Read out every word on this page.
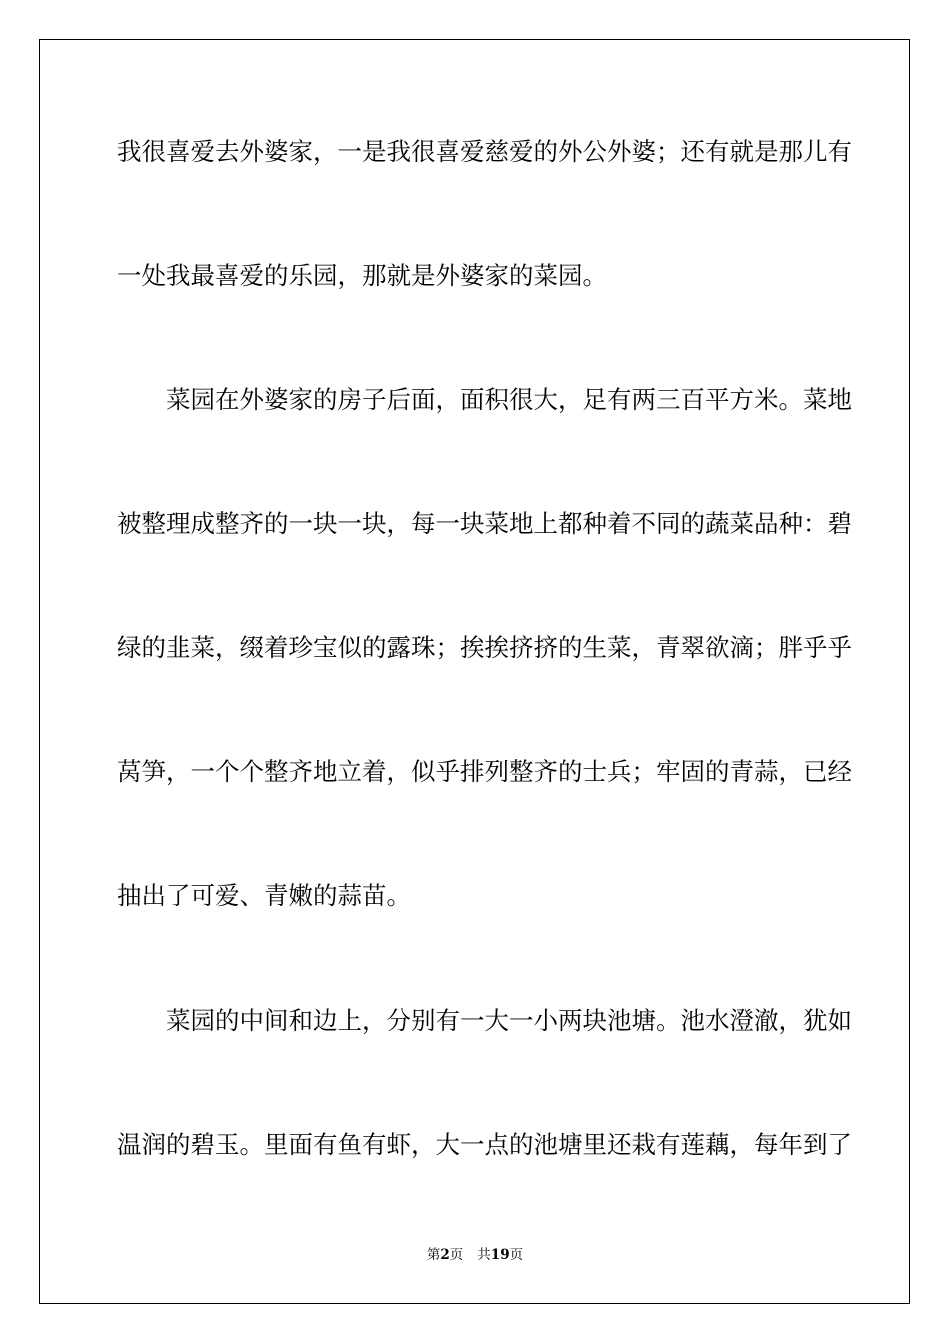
我很喜爱去外婆家，一是我很喜爱慈爱的外公外婆；还有就是那儿有
一处我最喜爱的乐园，那就是外婆家的菜园。
　　菜园在外婆家的房子后面，面积很大，足有两三百平方米。菜地
被整理成整齐的一块一块，每一块菜地上都种着不同的蔬菜品种：碧
绿的韭菜，缀着珍宝似的露珠；挨挨挤挤的生菜，青翠欲滴；胖乎乎
莴笋，一个个整齐地立着，似乎排列整齐的士兵；牢固的青蒜，已经
抽出了可爱、青嫩的蒜苗。
　　菜园的中间和边上，分别有一大一小两块池塘。池水澄澈，犹如
温润的碧玉。里面有鱼有虾，大一点的池塘里还栽有莲藕，每年到了
第2页 共19页
